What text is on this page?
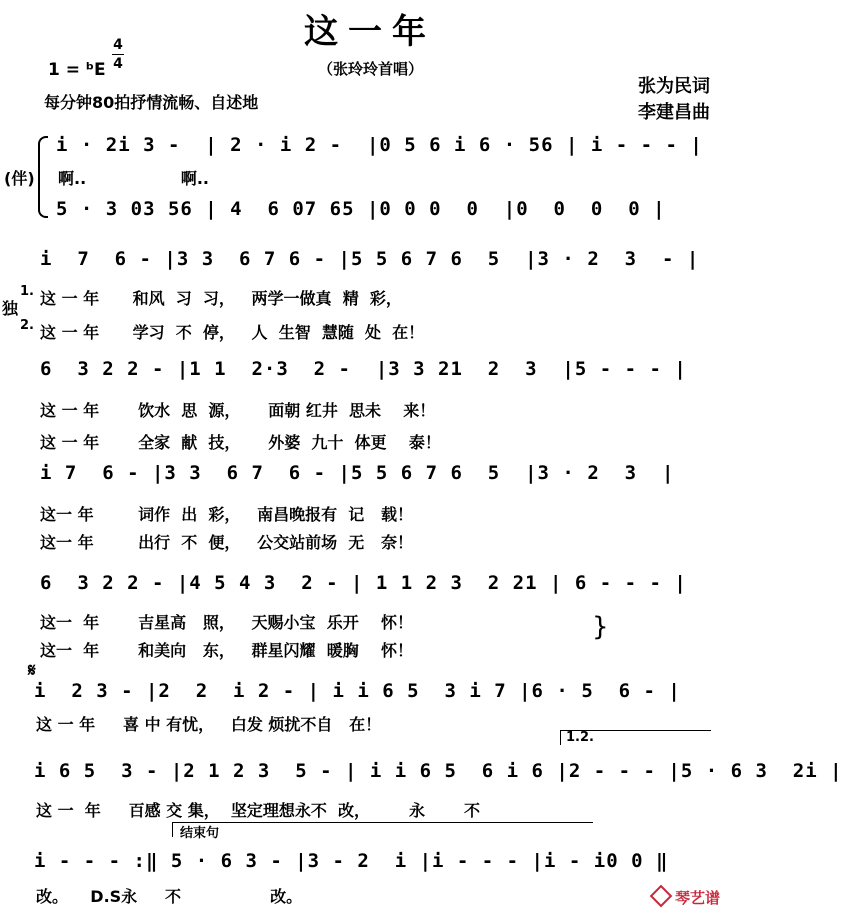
这一年
1 = ᵇE
4
4	（张玲玲首唱）
张为民词
李建昌曲
每分钟80拍抒情流畅、自述地
(伴)
i · 2i 3 -  | 2 · i 2 -  |0 5 6 i 6 · 56 | i - - - |
啊..                 啊..
5 · 3 03 56 | 4  6 07 65 |0 0 0  0  |0  0  0  0 |
i  7  6 - |3 3  6 7 6 - |5 5 6 7 6  5  |3 · 2  3  - |
独
1.
2.
这 一 年      和风  习  习，   两学一做真  精  彩，
这 一 年      学习  不  停，   人  生智  慧随  处  在！
6  3 2 2 - |1 1  2·3  2 -  |3 3 21  2  3  |5 - - - |
这 一 年       饮水  思  源，     面朝 红井  思未    来！
这 一 年       全家  献  技，     外婆  九十  体更    泰！
i 7  6 - |3 3  6 7  6 - |5 5 6 7 6  5  |3 · 2  3  |
这一 年        词作  出  彩，   南昌晚报有  记   载！
这一 年        出行  不  便，   公交站前场  无   奈！
6  3 2 2 - |4 5 4 3  2 - | 1 1 2 3  2 21 | 6 - - - |
这一  年       吉星高   照，   天赐小宝  乐开    怀！
这一  年       和美向   东，   群星闪耀  暖胸    怀！
}
𝄋
i  2 3 - |2  2  i 2 - | i i 6 5  3 i 7 |6 · 5  6 - |
这 一 年     喜 中 有忧，   白发 烦扰不自   在！
1.2.
i 6 5  3 - |2 1 2 3  5 - | i i 6 5  6 i 6 |2 - - - |5 · 6 3  2i |
这 一  年     百感 交 集，  坚定理想永不  改，       永       不
结束句
i - - - :‖ 5 · 6 3 - |3 - 2  i |i - - - |i - i0 0 ‖
改。    D.S永     不                改。	琴艺谱
